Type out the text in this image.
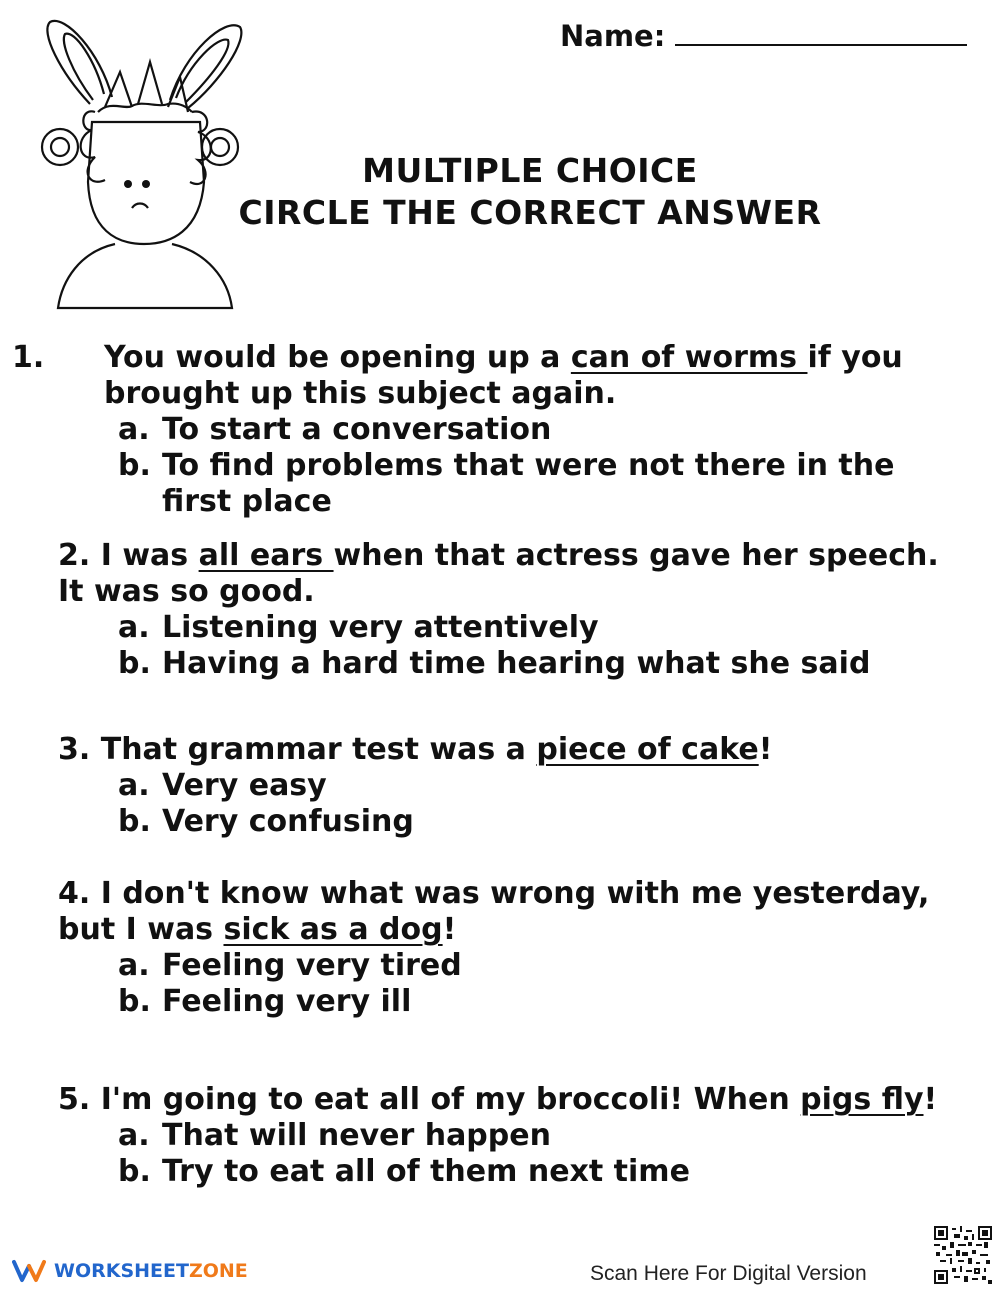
Name:
MULTIPLE CHOICE
CIRCLE THE CORRECT ANSWER
1. You would be opening up a can of worms if you brought up this subject again.
a. To start a conversation
b. To find problems that were not there in the first place
2. I was all ears when that actress gave her speech. It was so good.
a. Listening very attentively
b. Having a hard time hearing what she said
3. That grammar test was a piece of cake!
a. Very easy
b. Very confusing
4. I don't know what was wrong with me yesterday, but I was sick as a dog!
a. Feeling very tired
b. Feeling very ill
5. I'm going to eat all of my broccoli! When pigs fly!
a. That will never happen
b. Try to eat all of them next time
WORKSHEET ZONE	Scan Here For Digital Version
